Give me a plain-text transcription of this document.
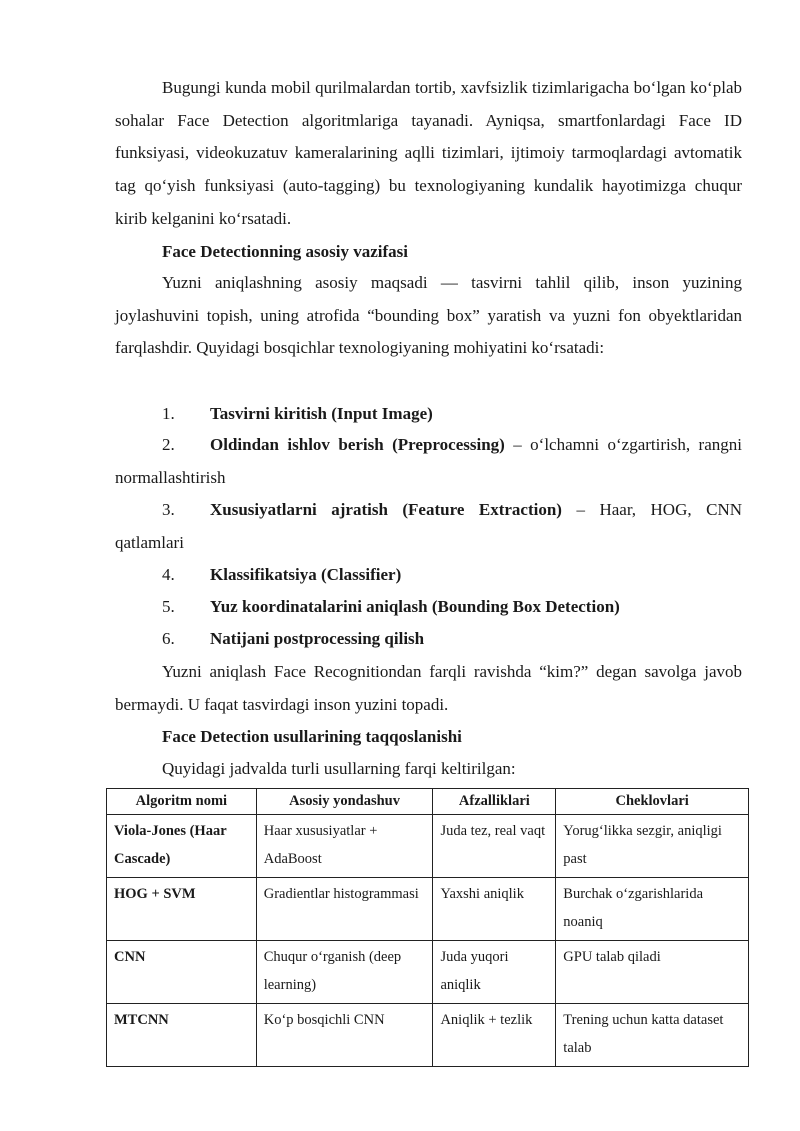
Bugungi kunda mobil qurilmalardan tortib, xavfsizlik tizimlarigacha bo‘lgan ko‘plab sohalar Face Detection algoritmlariga tayanadi. Ayniqsa, smartfonlardagi Face ID funksiyasi, videokuzatuv kameralarining aqlli tizimlari, ijtimoiy tarmoqlardagi avtomatik tag qo‘yish funksiyasi (auto-tagging) bu texnologiyaning kundalik hayotimizga chuqur kirib kelganini ko‘rsatadi.

Face Detectionning asosiy vazifasi

Yuzni aniqlashning asosiy maqsadi — tasvirni tahlil qilib, inson yuzining joylashuvini topish, uning atrofida “bounding box” yaratish va yuzni fon obyektlaridan farqlashdir. Quyidagi bosqichlar texnologiyaning mohiyatini ko‘rsatadi:

1.	Tasvirni kiritish (Input Image)
2.	Oldindan ishlov berish (Preprocessing) – o‘lchamni o‘zgartirish, rangni normallashtirish
3.	Xususiyatlarni ajratish (Feature Extraction) – Haar, HOG, CNN qatlamlari
4.	Klassifikatsiya (Classifier)
5.	Yuz koordinatalarini aniqlash (Bounding Box Detection)
6.	Natijani postprocessing qilish

Yuzni aniqlash Face Recognitiondan farqli ravishda “kim?” degan savolga javob bermaydi. U faqat tasvirdagi inson yuzini topadi.

Face Detection usullarining taqqoslanishi

Quyidagi jadvalda turli usullarning farqi keltirilgan:

Algoritm nomi	Asosiy yondashuv	Afzalliklari	Cheklovlari
Viola-Jones (Haar Cascade)	Haar xususiyatlar + AdaBoost	Juda tez, real vaqt	Yorug‘likka sezgir, aniqligi past
HOG + SVM	Gradientlar histogrammasi	Yaxshi aniqlik	Burchak o‘zgarishlarida noaniq
CNN	Chuqur o‘rganish (deep learning)	Juda yuqori aniqlik	GPU talab qiladi
MTCNN	Ko‘p bosqichli CNN	Aniqlik + tezlik	Trening uchun katta dataset talab
